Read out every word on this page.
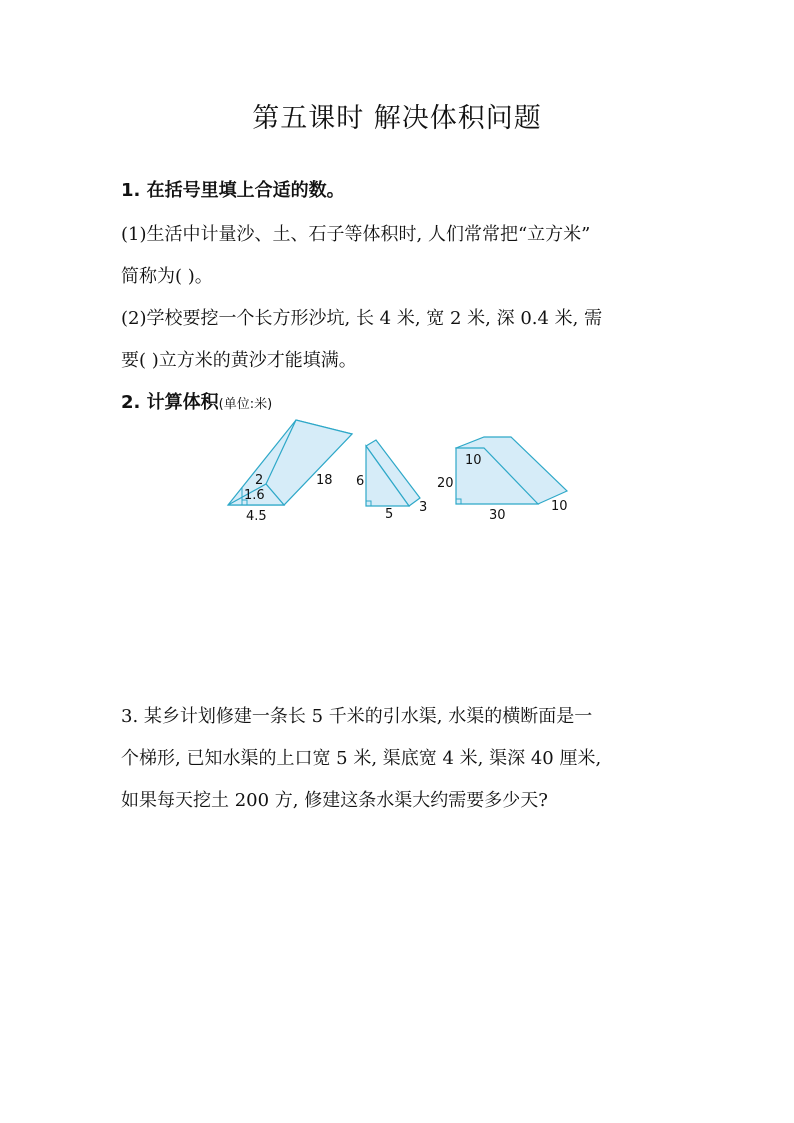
第五课时 解决体积问题
1. 在括号里填上合适的数。
(1)生活中计量沙、土、石子等体积时, 人们常常把“立方米”
简称为( )。
(2)学校要挖一个长方形沙坑, 长 4 米, 宽 2 米, 深 0.4 米, 需
要( )立方米的黄沙才能填满。
2. 计算体积(单位:米)
2
1.6
4.5
18 6
5 3
10
20
30
10
3. 某乡计划修建一条长 5 千米的引水渠, 水渠的横断面是一
个梯形, 已知水渠的上口宽 5 米, 渠底宽 4 米, 渠深 40 厘米,
如果每天挖土 200 方, 修建这条水渠大约需要多少天?
